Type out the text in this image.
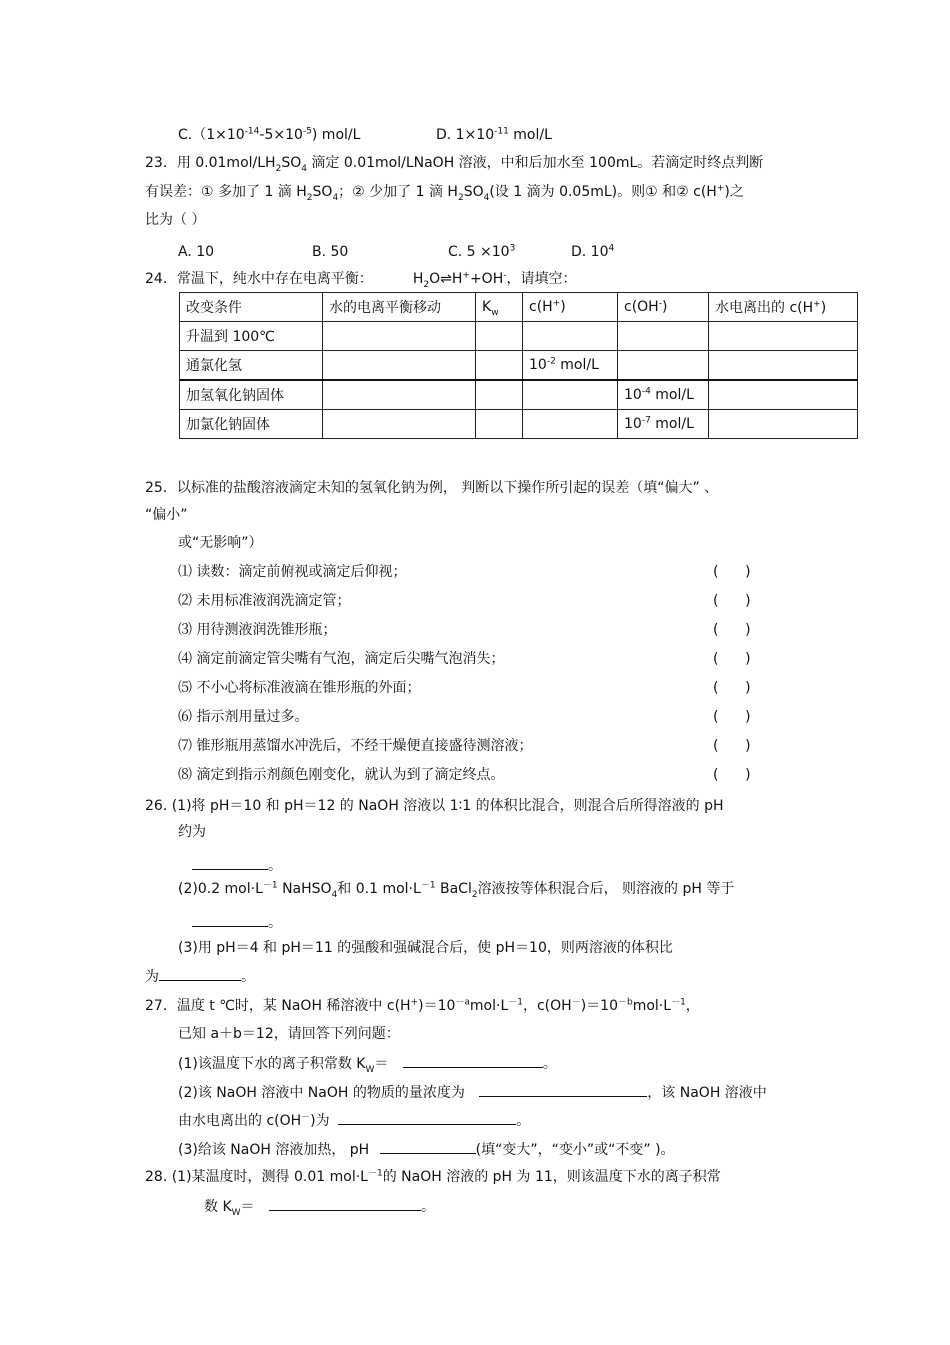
$C.(1\times 10^{-14}-5\times 10^{-5})$ mol/L	D. $1\times 10^{-11}$ mol/L
23．用 $0.01mol/LH_2SO_4$ 滴定 0.01mol/LNaOH 溶液，中和后加水至 100mL。若滴定时终点判断
有误差：① 多加了 1 滴 $H_2SO_4$；② 少加了 1 滴 $H_2SO_4$(设 1 滴为 0.05mL)。则① 和② c(H+)之
比为（ ）
A. 10	B. 50	C. $5 \times 10^3$	D. $10^4$
24．常温下，纯水中存在电离平衡：	$H_2O\rightleftharpoons H^++OH^-$，请填空：
改变条件	水的电离平衡移动	$K_w$	c(H+)	c(OH-)	水电离出的 c(H+)
升温到 100℃					
通氯化氢			$10^{-2}$ mol/L		
加氢氧化钠固体				$10^{-4}$ mol/L	
加氯化钠固体				$10^{-7}$ mol/L	
25．以标准的盐酸溶液滴定未知的氢氧化钠为例， 判断以下操作所引起的误差（填“偏大” 、
“偏小”
或“无影响”）
⑴ 读数：滴定前俯视或滴定后仰视；	(      )
⑵ 未用标准液润洗滴定管；	(      )
⑶ 用待测液润洗锥形瓶；	(      )
⑷ 滴定前滴定管尖嘴有气泡，滴定后尖嘴气泡消失；	(      )
⑸ 不小心将标准液滴在锥形瓶的外面；	(      )
⑹ 指示剂用量过多。	(      )
⑺ 锥形瓶用蒸馏水冲洗后，不经干燥便直接盛待测溶液；	(      )
⑻ 滴定到指示剂颜色刚变化，就认为到了滴定终点。	(      )
26. (1)将 pH＝10 和 pH＝12 的 NaOH 溶液以 1∶1 的体积比混合，则混合后所得溶液的 pH
约为
。
(2)0.2 $mol\cdot L^{-1}$ NaHSO$_4$和 0.1 $mol\cdot L^{-1}$ BaCl$_2$溶液按等体积混合后， 则溶液的 pH 等于
。
(3)用 pH＝4 和 pH＝11 的强酸和强碱混合后，使 pH＝10，则两溶液的体积比
为	。
27．温度 t ℃时，某 NaOH 稀溶液中 $c(H^+)=10^{-a}mol\cdot L^{-1}$，$c(OH^-)=10^{-b}mol\cdot L^{-1}$，
已知 a＋b＝12，请回答下列问题：
(1)该温度下水的离子积常数 $K_W=$	。
(2)该 NaOH 溶液中 NaOH 的物质的量浓度为	，该 NaOH 溶液中
由水电离出的 c(OH－)为	。
(3)给该 NaOH 溶液加热， pH	(填“变大”，“变小”或“不变” )。
28. (1)某温度时，测得 0.01 $mol\cdot L^{-1}$的 NaOH 溶液的 pH 为 11，则该温度下水的离子积常
数 $K_W=$	。
